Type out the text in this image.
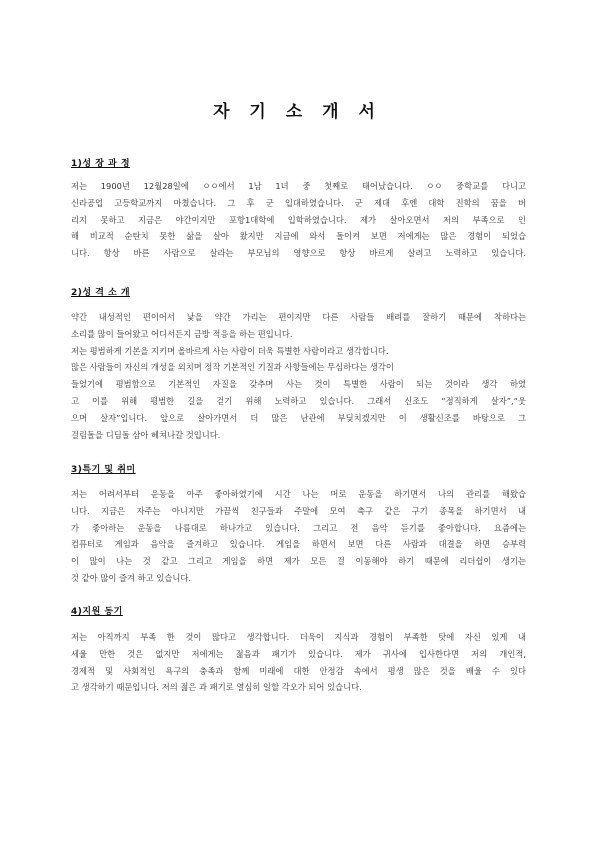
자 기 소 개 서
1)성 장 과 정
저는 1900년 12월28일에 ㅇㅇ에서 1남 1녀 중 첫째로 태어났습니다. ㅇㅇ 중학교를 다니고
신라공업 고등학교까지 마쳤습니다. 그 후 군 입대하였습니다. 군 제대 후엔 대학 진학의 꿈을 버
리지 못하고 지금은 야간이지만 포항1대학에 입학하였습니다. 제가 살아오면서 저의 부족으로 인
해 비교적 순탄치 못한 삶을 살아 왔지만 지금에 와서 돌이켜 보면 저에게는 많은 경험이 되었습
니다. 항상 바른 사람으로 살라는 부모님의 영향으로 항상 바르게 살려고 노력하고 있습니다.
2)성 격 소 개
약간 내성적인 편이어서 낯을 약간 가리는 편이지만 다른 사람들 배려를 잘하기 때문에 착하다는
소리를 많이 들어왔고 어디서든지 금방 적응을 하는 편입니다.
저는 평범하게 기본을 지키며 올바르게 사는 사람이 더욱 특별한 사람이라고 생각합니다.
많은 사람들이 자신의 개성을 외치며 정작 기본적인 기질과 사항들에는 무심하다는 생각이
들었기에 평범함으로 기본적인 자질을 갖추며 사는 것이 특별한 사람이 되는 것이라 생각 하였
고 이를 위해 평범한 길을 걷기 위해 노력하고 있습니다. 그래서 신조도 “정직하게 살자”,“웃
으며 살자”입니다. 앞으로 살아가면서 더 많은 난관에 부딪치겠지만 이 생활신조를 바탕으로 그
걸림돌을 디딤돌 삼아 헤쳐나갈 것입니다.
3)특기 및 취미
저는 어려서부터 운동을 아주 좋아하였기에 시간 나는 머로 운동을 하기면서 나의 관리를 해왔습
니다. 지금은 자주는 아니지만 가끔씩 친구들과 주말에 모여 축구 같은 구기 종목을 하기면서 내
가 좋아하는 운동을 나름대로 하나가고 있습니다. 그리고 전 음악 듣기를 좋아합니다. 요즘에는
컴퓨터로 게임과 음악을 즐겨하고 있습니다. 게임을 하면서 보면 다른 사람과 대결을 하면 승부력
이 많이 나는 것 같고 그리고 게임을 하면 제가 모든 걸 이동해야 하기 때문에 리더쉽이 생기는
것 같아 많이 즐겨 하고 있습니다.
4)지원 동기
저는 아직까지 부족 한 것이 많다고 생각합니다. 더욱이 지식과 경험이 부족한 탓에 자신 있게 내
세울 만한 것은 없지만 저에게는 젊음과 패기가 있습니다. 제가 귀사에 입사한다면 저의 개인적,
경제적 및 사회적인 욕구의 충족과 함께 미래에 대한 안정감 속에서 평생 많은 것을 배울 수 있다
고 생각하기 때문입니다. 저의 젊은 과 패기로 열심히 일할 각오가 되어 있습니다.
